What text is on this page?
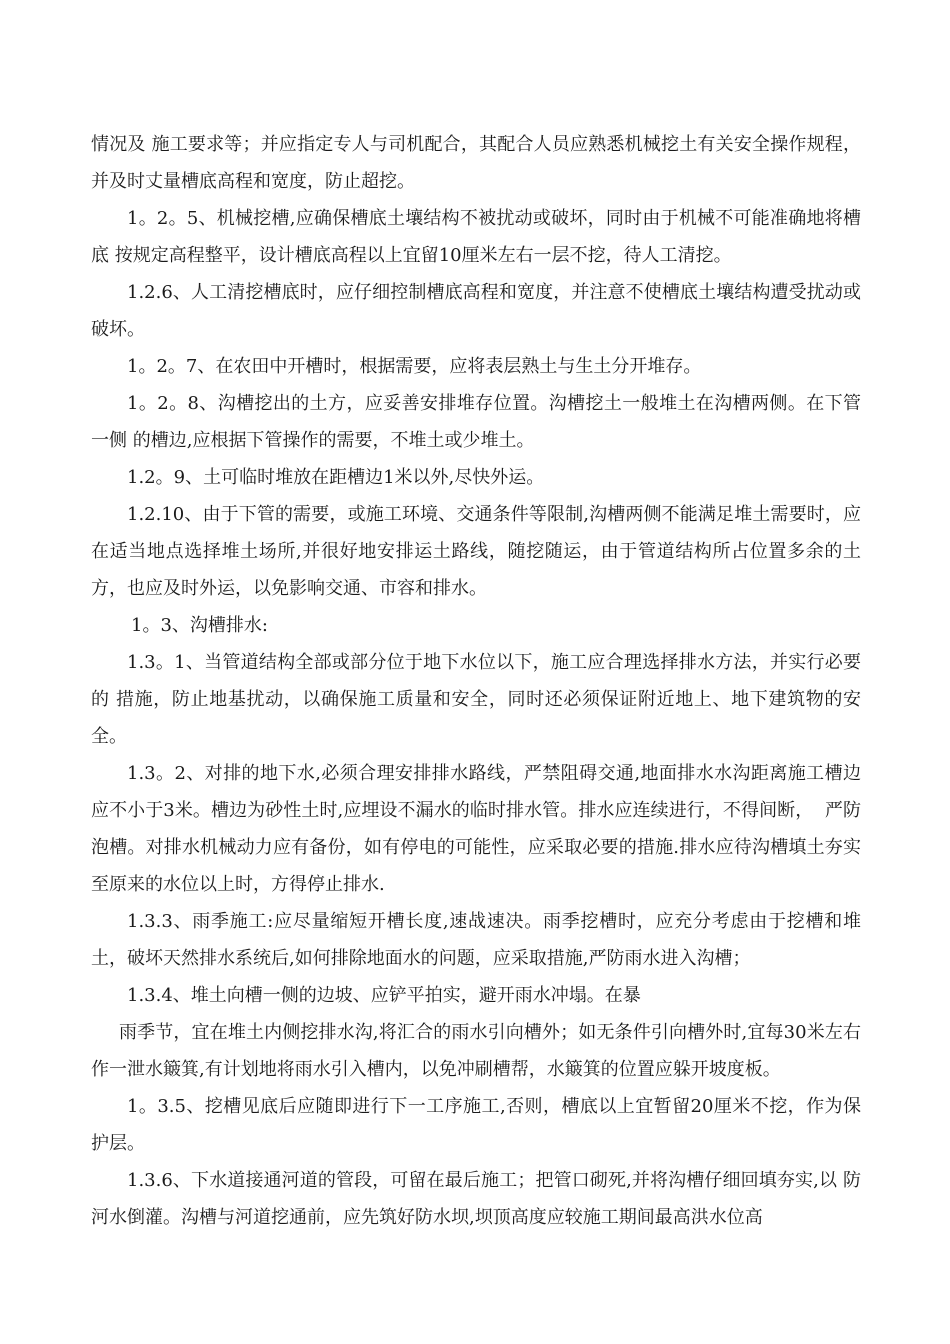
情况及 施工要求等；并应指定专人与司机配合，其配合人员应熟悉机械挖土有关安全操作规程，并及时丈量槽底高程和宽度，防止超挖。

1。2。5、机械挖槽,应确保槽底土壤结构不被扰动或破坏，同时由于机械不可能准确地将槽底 按规定高程整平，设计槽底高程以上宜留10厘米左右一层不挖，待人工清挖。

1.2.6、人工清挖槽底时，应仔细控制槽底高程和宽度，并注意不使槽底土壤结构遭受扰动或 破坏。

1。2。7、在农田中开槽时，根据需要，应将表层熟土与生土分开堆存。

1。2。8、沟槽挖出的土方，应妥善安排堆存位置。沟槽挖土一般堆土在沟槽两侧。在下管一侧 的槽边,应根据下管操作的需要，不堆土或少堆土。

1.2。9、土可临时堆放在距槽边1米以外,尽快外运。

1.2.10、由于下管的需要，或施工环境、交通条件等限制,沟槽两侧不能满足堆土需要时，应在适当地点选择堆土场所,并很好地安排运土路线，随挖随运，由于管道结构所占位置多余的土方，也应及时外运，以免影响交通、市容和排水。

1。3、沟槽排水:

1.3。1、当管道结构全部或部分位于地下水位以下，施工应合理选择排水方法，并实行必要的 措施，防止地基扰动，以确保施工质量和安全，同时还必须保证附近地上、地下建筑物的安全。

1.3。2、对排的地下水,必须合理安排排水路线，严禁阻碍交通,地面排水水沟距离施工槽边 应不小于3米。槽边为砂性土时,应埋设不漏水的临时排水管。排水应连续进行，不得间断，  严防泡槽。对排水机械动力应有备份，如有停电的可能性，应采取必要的措施.排水应待沟槽填土夯实至原来的水位以上时，方得停止排水.

1.3.3、雨季施工:应尽量缩短开槽长度,速战速决。雨季挖槽时，应充分考虑由于挖槽和堆 土，破坏天然排水系统后,如何排除地面水的问题，应采取措施,严防雨水进入沟槽；

1.3.4、堆土向槽一侧的边坡、应铲平拍实，避开雨水冲塌。在暴

雨季节，宜在堆土内侧挖排水沟,将汇合的雨水引向槽外；如无条件引向槽外时,宜每30米左右作一泄水簸箕,有计划地将雨水引入槽内，以免冲刷槽帮，水簸箕的位置应躲开坡度板。

1。3.5、挖槽见底后应随即进行下一工序施工,否则，槽底以上宜暂留20厘米不挖，作为保护层。

1.3.6、下水道接通河道的管段，可留在最后施工；把管口砌死,并将沟槽仔细回填夯实,以 防河水倒灌。沟槽与河道挖通前，应先筑好防水坝,坝顶高度应较施工期间最高洪水位高
